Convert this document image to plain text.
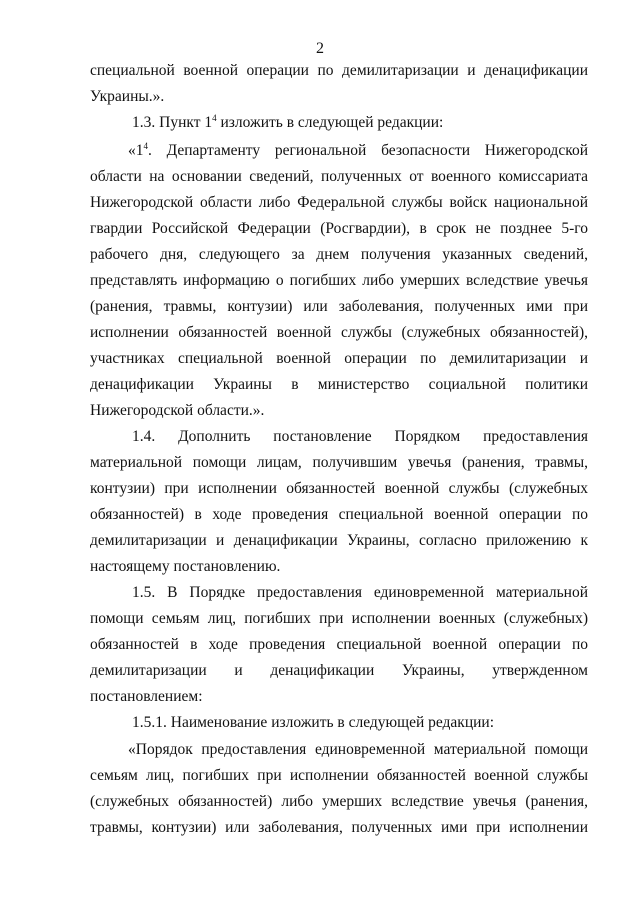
2
специальной военной операции по демилитаризации и денацификации
Украины.».
1.3. Пункт $1^4$ изложить в следующей редакции:
«$1^4$. Департаменту региональной безопасности Нижегородской
области на основании сведений, полученных от военного комиссариата
Нижегородской области либо Федеральной службы войск национальной
гвардии Российской Федерации (Росгвардии), в срок не позднее 5-го
рабочего дня, следующего за днем получения указанных сведений,
представлять информацию о погибших либо умерших вследствие увечья
(ранения, травмы, контузии) или заболевания, полученных ими при
исполнении обязанностей военной службы (служебных обязанностей),
участниках специальной военной операции по демилитаризации и
денацификации Украины в министерство социальной политики
Нижегородской области.».
1.4. Дополнить постановление Порядком предоставления
материальной помощи лицам, получившим увечья (ранения, травмы,
контузии) при исполнении обязанностей военной службы (служебных
обязанностей) в ходе проведения специальной военной операции по
демилитаризации и денацификации Украины, согласно приложению к
настоящему постановлению.
1.5. В Порядке предоставления единовременной материальной
помощи семьям лиц, погибших при исполнении военных (служебных)
обязанностей в ходе проведения специальной военной операции по
демилитаризации и денацификации Украины, утвержденном
постановлением:
1.5.1. Наименование изложить в следующей редакции:
«Порядок предоставления единовременной материальной помощи
семьям лиц, погибших при исполнении обязанностей военной службы
(служебных обязанностей) либо умерших вследствие увечья (ранения,
травмы, контузии) или заболевания, полученных ими при исполнении
